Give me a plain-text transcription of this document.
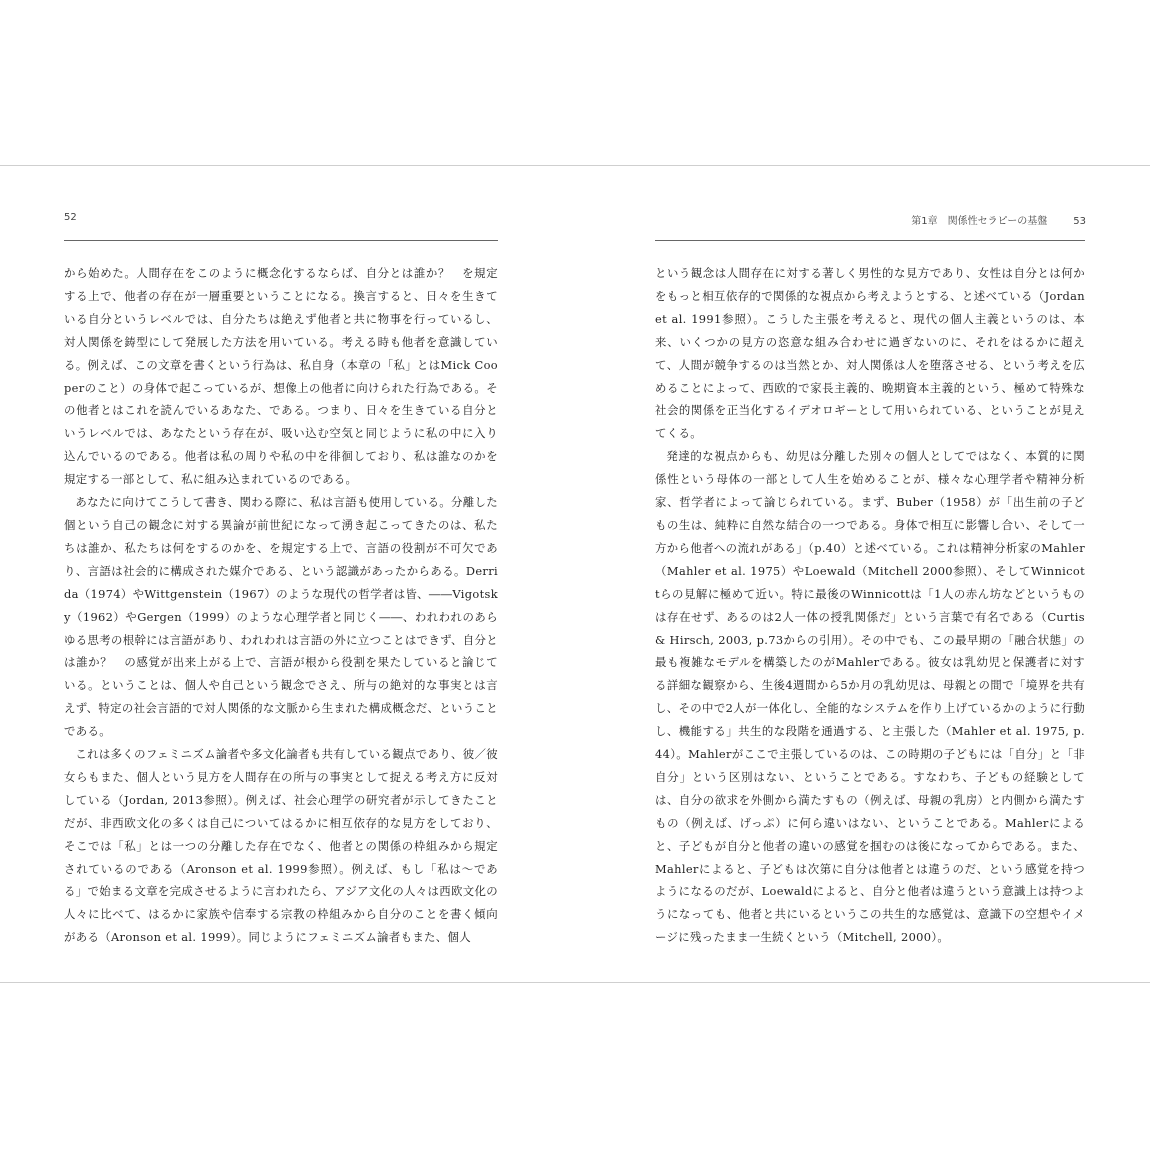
52

から始めた。人間存在をこのように概念化するならば、自分とは誰か？　を規定する上で、他者の存在が一層重要ということになる。換言すると、日々を生きている自分というレベルでは、自分たちは絶えず他者と共に物事を行っているし、対人関係を鋳型にして発展した方法を用いている。考える時も他者を意識している。例えば、この文章を書くという行為は、私自身（本章の「私」とはMick Cooperのこと）の身体で起こっているが、想像上の他者に向けられた行為である。その他者とはこれを読んでいるあなた、である。つまり、日々を生きている自分というレベルでは、あなたという存在が、吸い込む空気と同じように私の中に入り込んでいるのである。他者は私の周りや私の中を徘徊しており、私は誰なのかを規定する一部として、私に組み込まれているのである。

あなたに向けてこうして書き、関わる際に、私は言語も使用している。分離した個という自己の観念に対する異論が前世紀になって湧き起こってきたのは、私たちは誰か、私たちは何をするのかを、を規定する上で、言語の役割が不可欠であり、言語は社会的に構成された媒介である、という認識があったからある。Derrida（1974）やWittgenstein（1967）のような現代の哲学者は皆、――Vigotsky（1962）やGergen（1999）のような心理学者と同じく――、われわれのあらゆる思考の根幹には言語があり、われわれは言語の外に立つことはできず、自分とは誰か？　の感覚が出来上がる上で、言語が根から役割を果たしていると論じている。ということは、個人や自己という観念でさえ、所与の絶対的な事実とは言えず、特定の社会言語的で対人関係的な文脈から生まれた構成概念だ、ということである。

これは多くのフェミニズム論者や多文化論者も共有している観点であり、彼／彼女らもまた、個人という見方を人間存在の所与の事実として捉える考え方に反対している（Jordan, 2013参照）。例えば、社会心理学の研究者が示してきたことだが、非西欧文化の多くは自己についてはるかに相互依存的な見方をしており、そこでは「私」とは一つの分離した存在でなく、他者との関係の枠組みから規定されているのである（Aronson et al. 1999参照）。例えば、もし「私は～である」で始まる文章を完成させるように言われたら、アジア文化の人々は西欧文化の人々に比べて、はるかに家族や信奉する宗教の枠組みから自分のことを書く傾向がある（Aronson et al. 1999）。同じようにフェミニズム論者もまた、個人

第1章　関係性セラピーの基盤	53

という観念は人間存在に対する著しく男性的な見方であり、女性は自分とは何かをもっと相互依存的で関係的な視点から考えようとする、と述べている（Jordan et al. 1991参照）。こうした主張を考えると、現代の個人主義というのは、本来、いくつかの見方の恣意な組み合わせに過ぎないのに、それをはるかに超えて、人間が競争するのは当然とか、対人関係は人を堕落させる、という考えを広めることによって、西欧的で家長主義的、晩期資本主義的という、極めて特殊な社会的関係を正当化するイデオロギーとして用いられている、ということが見えてくる。

発達的な視点からも、幼児は分離した別々の個人としてではなく、本質的に関係性という母体の一部として人生を始めることが、様々な心理学者や精神分析家、哲学者によって論じられている。まず、Buber（1958）が「出生前の子どもの生は、純粋に自然な結合の一つである。身体で相互に影響し合い、そして一方から他者への流れがある」（p.40）と述べている。これは精神分析家のMahler（Mahler et al. 1975）やLoewald（Mitchell 2000参照）、そしてWinnicottらの見解に極めて近い。特に最後のWinnicottは「1人の赤ん坊などというものは存在せず、あるのは2人一体の授乳関係だ」という言葉で有名である（Curtis & Hirsch, 2003, p.73からの引用）。その中でも、この最早期の「融合状態」の最も複雑なモデルを構築したのがMahlerである。彼女は乳幼児と保護者に対する詳細な観察から、生後4週間から5か月の乳幼児は、母親との間で「境界を共有し、その中で2人が一体化し、全能的なシステムを作り上げているかのように行動し、機能する」共生的な段階を通過する、と主張した（Mahler et al. 1975, p.44）。Mahlerがここで主張しているのは、この時期の子どもには「自分」と「非自分」という区別はない、ということである。すなわち、子どもの経験としては、自分の欲求を外側から満たすもの（例えば、母親の乳房）と内側から満たすもの（例えば、げっぷ）に何ら違いはない、ということである。Mahlerによると、子どもが自分と他者の違いの感覚を掴むのは後になってからである。また、Mahlerによると、子どもは次第に自分は他者とは違うのだ、という感覚を持つようになるのだが、Loewaldによると、自分と他者は違うという意識上は持つようになっても、他者と共にいるというこの共生的な感覚は、意識下の空想やイメージに残ったまま一生続くという（Mitchell, 2000）。
